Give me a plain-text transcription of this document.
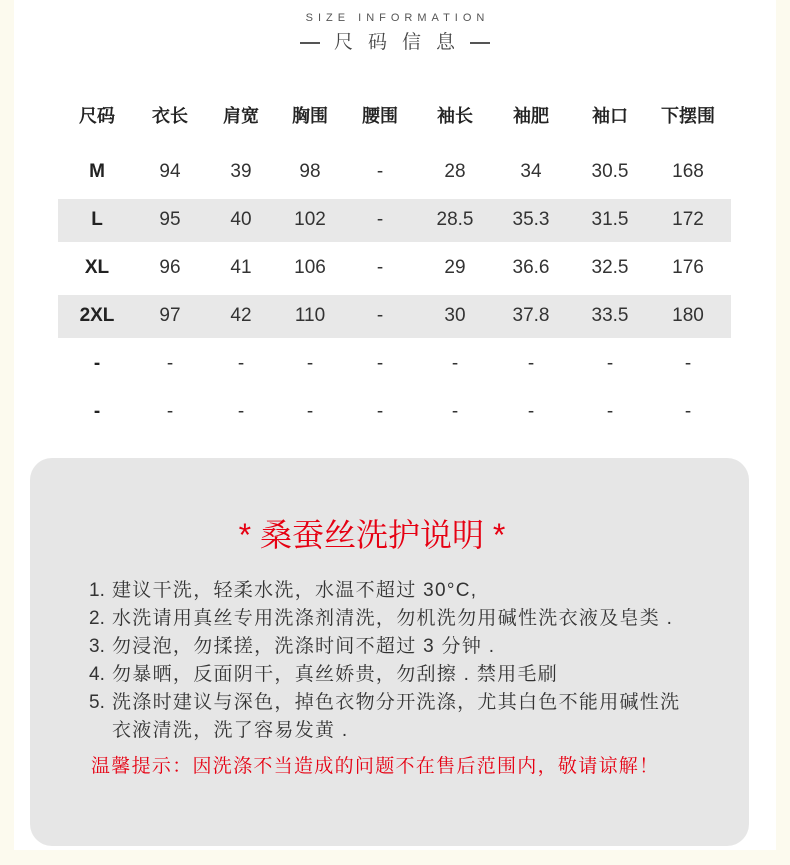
SIZE INFORMATION
尺码信息
尺码	衣长	肩宽	胸围	腰围	袖长	袖肥	袖口	下摆围
M	94	39	98	-	28	34	30.5	168
L	95	40	102	-	28.5	35.3	31.5	172
XL	96	41	106	-	29	36.6	32.5	176
2XL	97	42	110	-	30	37.8	33.5	180
-	-	-	-	-	-	-	-	-
-	-	-	-	-	-	-	-	-
* 桑蚕丝洗护说明 *
1. 建议干洗，轻柔水洗，水温不超过 30°C,
2. 水洗请用真丝专用洗涤剂清洗，勿机洗勿用碱性洗衣液及皂类 .
3. 勿浸泡，勿揉搓，洗涤时间不超过 3 分钟 .
4. 勿暴晒，反面阴干，真丝娇贵，勿刮擦 . 禁用毛刷
5. 洗涤时建议与深色，掉色衣物分开洗涤，尤其白色不能用碱性洗
衣液清洗，洗了容易发黄 .
温馨提示：因洗涤不当造成的问题不在售后范围内，敬请谅解！
